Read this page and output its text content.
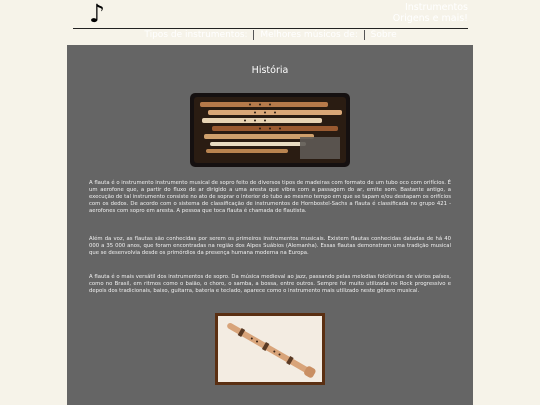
♪	Instrumentos
Origens e mais!
Tipos de instrumentos: Melhores músicos de: Sobre
História

A flauta é o instrumento instrumento musical de sopro feito de diversos tipos de madeiras com formato de um tubo oco com orifícios. É um aerofone que, a partir do fluxo de ar dirigido a uma aresta que vibra com a passagem do ar, emite som. Bastante antigo, a execução de tal instrumento consiste no ato de soprar o interior do tubo ao mesmo tempo em que se tapam e/ou destapam os orifícios com os dedos. De acordo com o sistema de classificação de instrumentos de Hornbostel-Sachs a flauta é classificada no grupo 421 - aerofones com sopro em aresta. A pessoa que toca flauta é chamada de flautista.

Além da voz, as flautas são conhecidas por serem os primeiros instrumentos musicais. Existem flautas conhecidas datadas de há 40 000 a 35 000 anos, que foram encontradas na região dos Alpes Suábios (Alemanha). Essas flautas demonstram uma tradição musical que se desenvolvia desde os primórdios da presença humana moderna na Europa.

A flauta é o mais versátil dos instrumentos de sopro. Da música medieval ao jazz, passando pelas melodias folclóricas de vários países, como no Brasil, em ritmos como o baião, o choro, o samba, a bossa, entre outros. Sempre foi muito utilizada no Rock progressivo e depois dos tradicionais, baixo, guitarra, bateria e teclado, aparece como o instrumento mais utilizado neste gênero musical.
